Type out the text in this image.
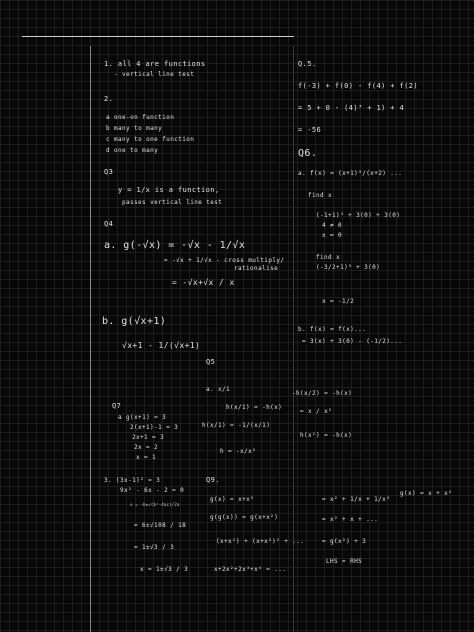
1. all 4 are functions
- vertical line test
2.
a one-on function
b many to many
c many to one function
d one to many
Q3
y = 1/x is a function,
passes vertical line test
Q4
a. g(-√x) = -√x - 1/√x
= -√x + 1/√x - cross multiply/
rationalise
= -√x+√x / x
b. g(√x+1)
√x+1 - 1/(√x+1)
Q5
a. x/1
h(x/1) = -h(x)
Q7
a g(x+1) = 3
2(x+1)-1 = 3
2x+1 = 3
2x = 2
x = 1
h(x/1) = -1/(x/1)
h = -x/x²
Q9.
3. (3x-1)² = 3
9x² - 6x - 2 = 0
x = -b±√(b²-4ac)/2a
= 6±√108 / 18
= 1±√3 / 3
x = 1±√3 / 3
g(x) = x+x²
g(g(x)) = g(x+x²)
(x+x²) + (x+x²)² + ...
x+2x²+2x³+x⁴ = ...
Q.5.
f(-3) + f(0) - f(4) + f(2)
= 5 + 0 - (4)³ + 1) + 4
= -56
Q6.
a. f(x) = (x+1)³/(x+2) ...
find x
(-1+1)³ + 3(0) + 3(0)
4 ≠ 0
x = 0
find x
(-3/2+1)³ + 3(0)
x = -1/2
b. f(x) = f(x)...
= 3(x) + 3(0) - (-1/2)...
-h(x/2) = -h(x)
= x / x²
h(x²) = -h(x)
= x² + 1/x + 1/x²
= x² + x + ...
= g(x²) + 3
LHS = RHS
g(x) = x + x²
